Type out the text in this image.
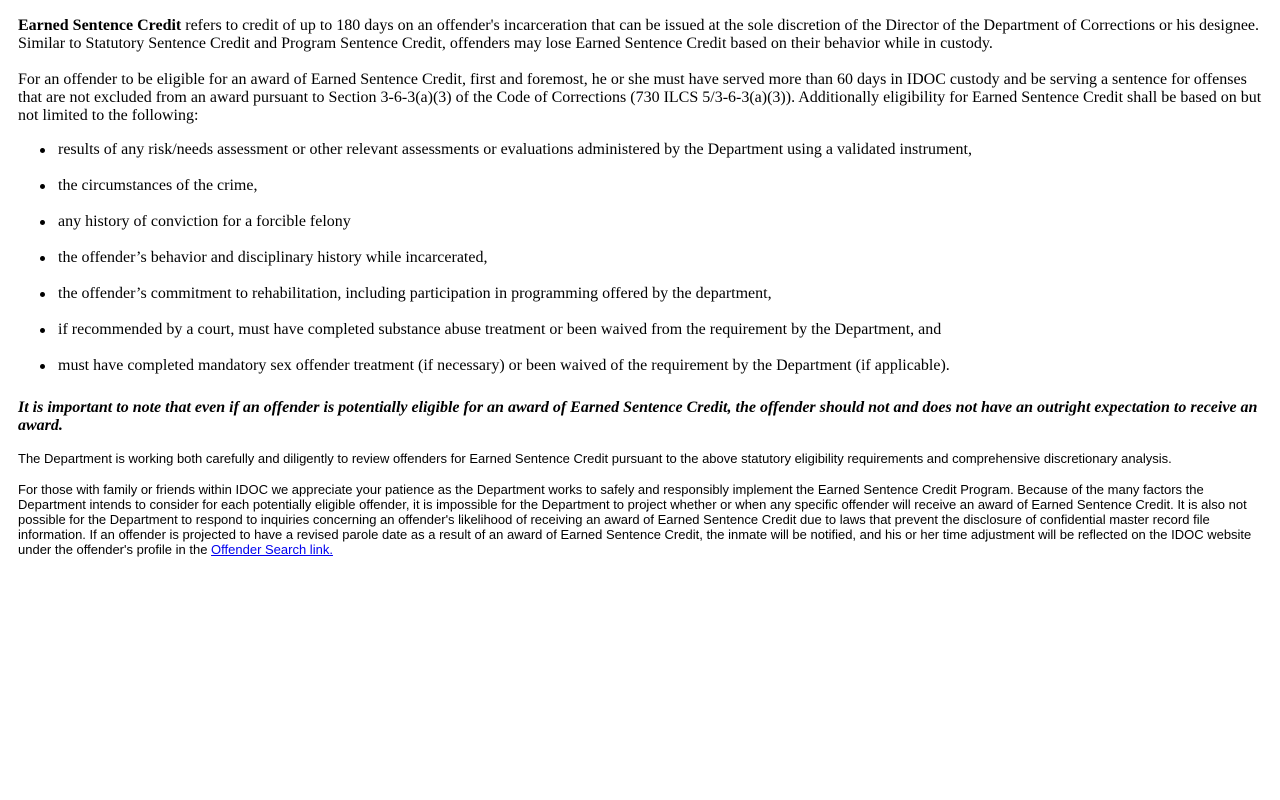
Earned Sentence Credit refers to credit of up to 180 days on an offender's incarceration that can be issued at the sole discretion of the Director of the Department of Corrections or his designee. Similar to Statutory Sentence Credit and Program Sentence Credit, offenders may lose Earned Sentence Credit based on their behavior while in custody.

For an offender to be eligible for an award of Earned Sentence Credit, first and foremost, he or she must have served more than 60 days in IDOC custody and be serving a sentence for offenses that are not excluded from an award pursuant to Section 3-6-3(a)(3) of the Code of Corrections (730 ILCS 5/3-6-3(a)(3)). Additionally eligibility for Earned Sentence Credit shall be based on but not limited to the following:

results of any risk/needs assessment or other relevant assessments or evaluations administered by the Department using a validated instrument,
the circumstances of the crime,
any history of conviction for a forcible felony
the offender’s behavior and disciplinary history while incarcerated,
the offender’s commitment to rehabilitation, including participation in programming offered by the department,
if recommended by a court, must have completed substance abuse treatment or been waived from the requirement by the Department, and
must have completed mandatory sex offender treatment (if necessary) or been waived of the requirement by the Department (if applicable).

It is important to note that even if an offender is potentially eligible for an award of Earned Sentence Credit, the offender should not and does not have an outright expectation to receive an award.

The Department is working both carefully and diligently to review offenders for Earned Sentence Credit pursuant to the above statutory eligibility requirements and comprehensive discretionary analysis.

For those with family or friends within IDOC we appreciate your patience as the Department works to safely and responsibly implement the Earned Sentence Credit Program. Because of the many factors the Department intends to consider for each potentially eligible offender, it is impossible for the Department to project whether or when any specific offender will receive an award of Earned Sentence Credit. It is also not possible for the Department to respond to inquiries concerning an offender's likelihood of receiving an award of Earned Sentence Credit due to laws that prevent the disclosure of confidential master record file information. If an offender is projected to have a revised parole date as a result of an award of Earned Sentence Credit, the inmate will be notified, and his or her time adjustment will be reflected on the IDOC website under the offender's profile in the Offender Search link.
